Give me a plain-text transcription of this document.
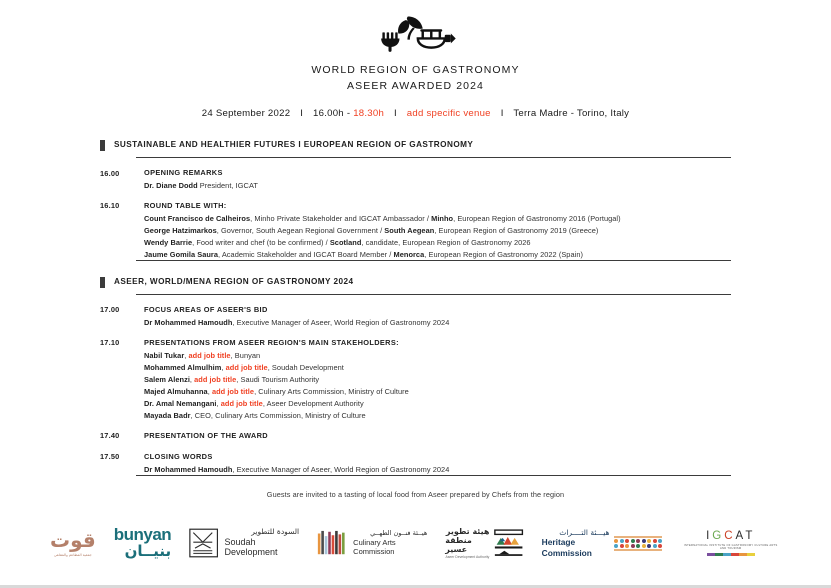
WORLD REGION OF GASTRONOMY
ASEER AWARDED 2024
24 September 2022 I 16.00h - 18.30h I add specific venue I Terra Madre - Torino, Italy
SUSTAINABLE AND HEALTHIER FUTURES I EUROPEAN REGION OF GASTRONOMY
16.00	OPENING REMARKS
Dr. Diane Dodd President, IGCAT
16.10	ROUND TABLE WITH:
Count Francisco de Calheiros, Minho Private Stakeholder and IGCAT Ambassador / Minho, European Region of Gastronomy 2016 (Portugal)
George Hatzimarkos, Governor, South Aegean Regional Government / South Aegean, European Region of Gastronomy 2019 (Greece)
Wendy Barrie, Food writer and chef (to be confirmed) / Scotland, candidate, European Region of Gastronomy 2026
Jaume Gomila Saura, Academic Stakeholder and IGCAT Board Member / Menorca, European Region of Gastronomy 2022 (Spain)
ASEER, WORLD/MENA REGION OF GASTRONOMY 2024
17.00	FOCUS AREAS OF ASEER'S BID
Dr Mohammed Hamoudh, Executive Manager of Aseer, World Region of Gastronomy 2024
17.10	PRESENTATIONS FROM ASEER REGION'S MAIN STAKEHOLDERS:
Nabil Tukar, add job title, Bunyan
Mohammed Almulhim, add job title, Soudah Development
Salem Alenzi, add job title, Saudi Tourism Authority
Majed Almuhanna, add job title, Culinary Arts Commission, Ministry of Culture
Dr. Amal Nemangani, add job title, Aseer Development Authority
Mayada Badr, CEO, Culinary Arts Commission, Ministry of Culture
17.40	PRESENTATION OF THE AWARD
17.50	CLOSING WORDS
Dr Mohammed Hamoudh, Executive Manager of Aseer, World Region of Gastronomy 2024
Guests are invited to a tasting of local food from Aseer prepared by Chefs from the region
قوت
جمعية المطاعم والمقاهي
bunyan
بنيــان
السودة للتطوير
Soudah Development
هيــئة فنــون الطهــي
Culinary Arts Commission
هيئة تطوير
منطقة عسير
Aseer Development Authority
هيـــئة التــــراث
Heritage Commission
IGCAT
INTERNATIONAL INSTITUTE OF GASTRONOMY CULTURE ARTS AND TOURISM
